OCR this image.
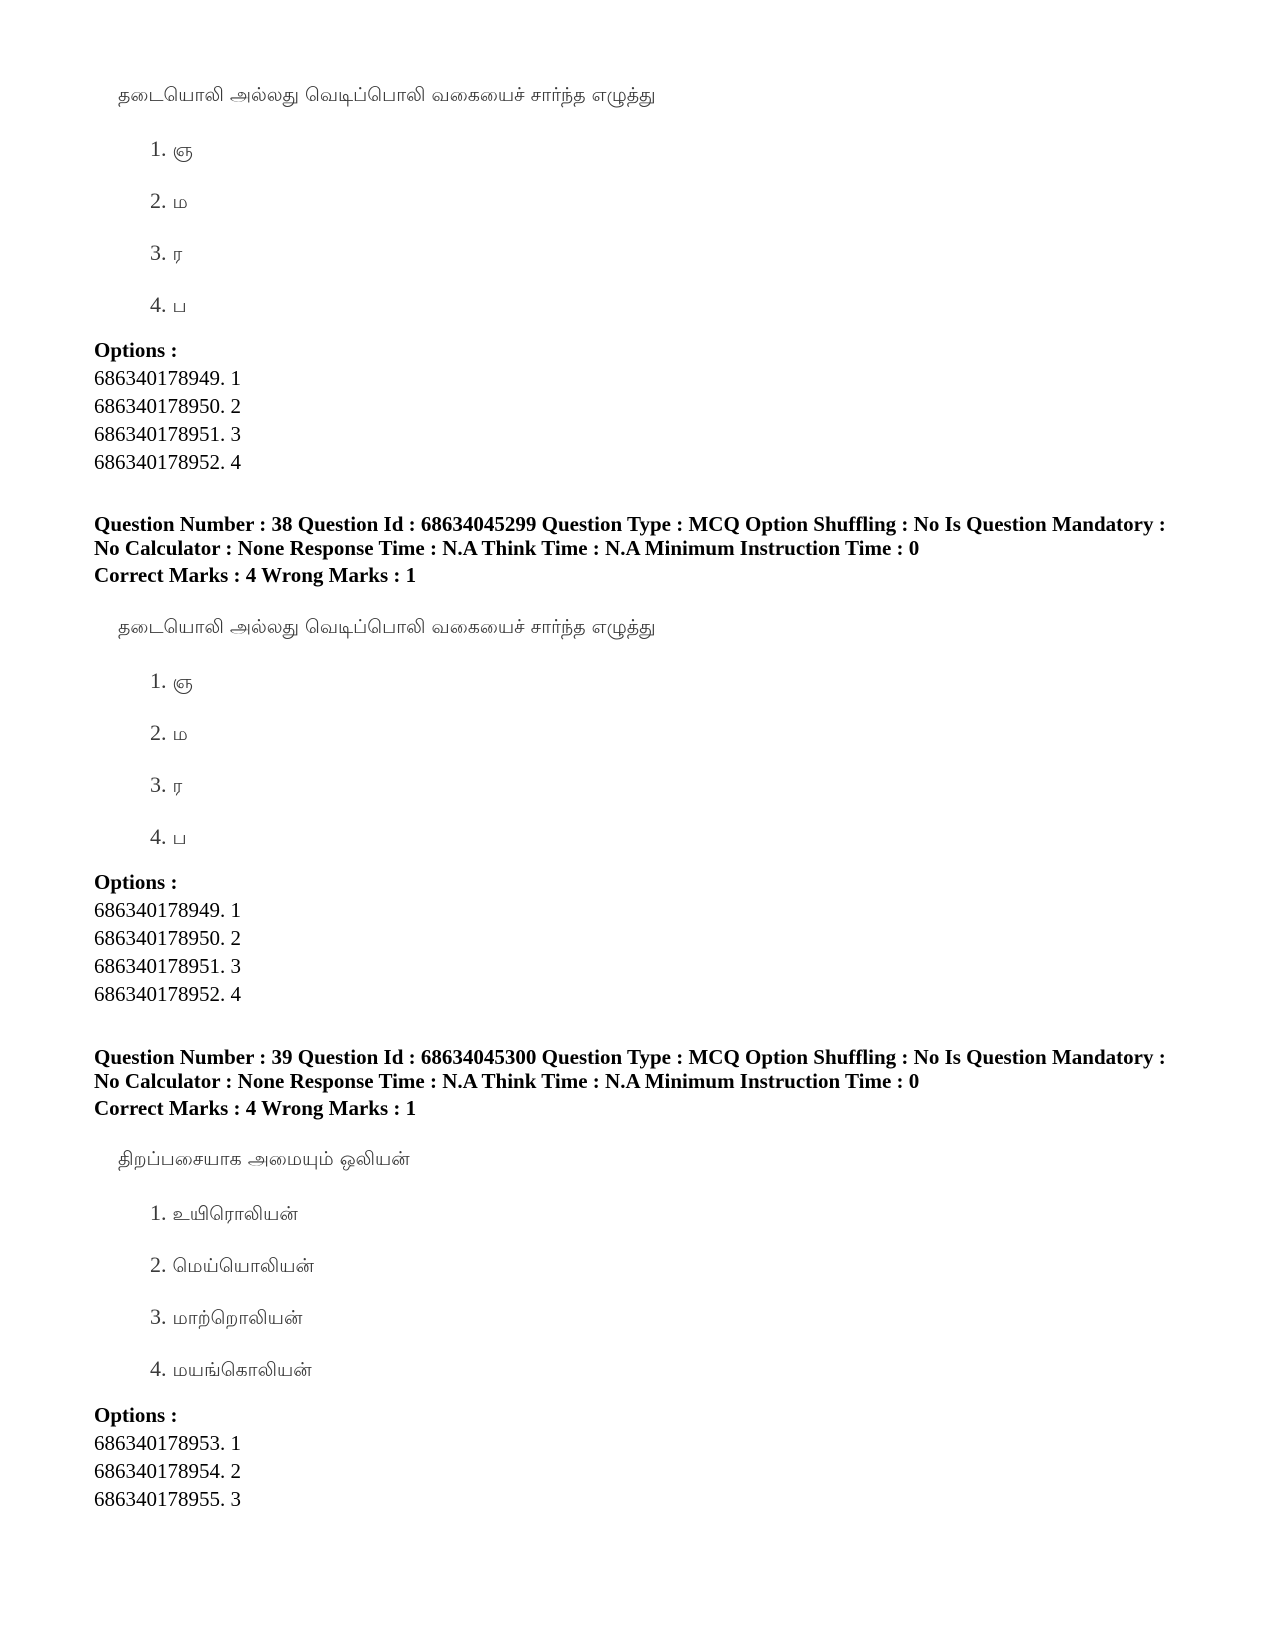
தடையொலி அல்லது வெடிப்பொலி வகையைச் சார்ந்த எழுத்து
1. ஞ
2. ம
3. ர
4. ப
Options :
686340178949. 1
686340178950. 2
686340178951. 3
686340178952. 4
Question Number : 38 Question Id : 68634045299 Question Type : MCQ Option Shuffling : No Is Question Mandatory :
No Calculator : None Response Time : N.A Think Time : N.A Minimum Instruction Time : 0
Correct Marks : 4 Wrong Marks : 1
தடையொலி அல்லது வெடிப்பொலி வகையைச் சார்ந்த எழுத்து
1. ஞ
2. ம
3. ர
4. ப
Options :
686340178949. 1
686340178950. 2
686340178951. 3
686340178952. 4
Question Number : 39 Question Id : 68634045300 Question Type : MCQ Option Shuffling : No Is Question Mandatory :
No Calculator : None Response Time : N.A Think Time : N.A Minimum Instruction Time : 0
Correct Marks : 4 Wrong Marks : 1
திறப்பசையாக அமையும் ஒலியன்
1. உயிரொலியன்
2. மெய்யொலியன்
3. மாற்றொலியன்
4. மயங்கொலியன்
Options :
686340178953. 1
686340178954. 2
686340178955. 3
